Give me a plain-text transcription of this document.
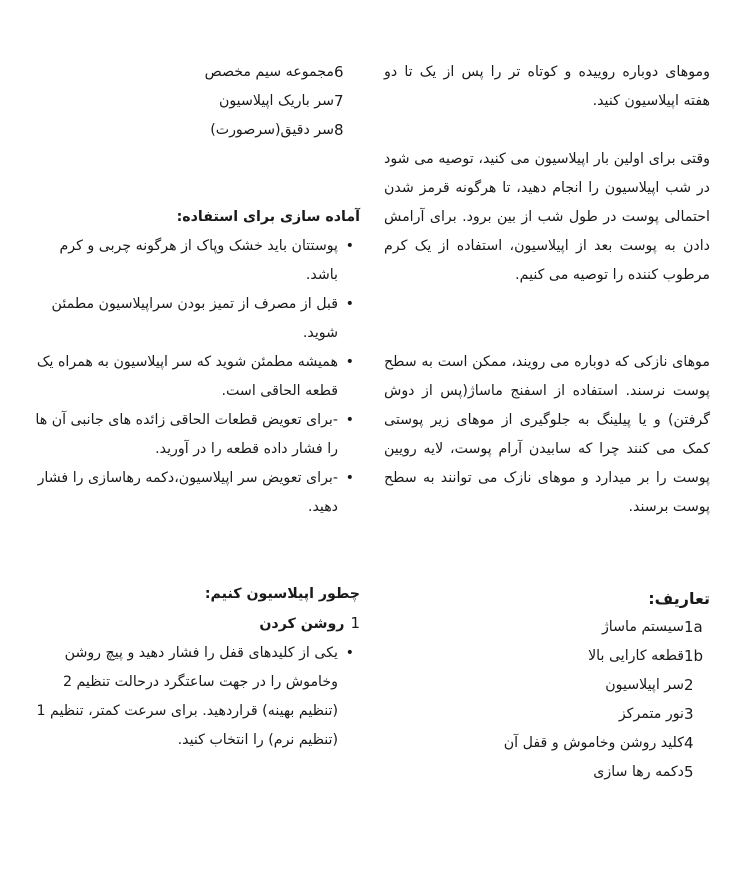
وموهای دوباره روییده و کوتاه تر را پس از یک تا دو هفته اپیلاسیون کنید.

وقتی برای اولین بار اپیلاسیون می کنید، توصیه می شود در شب اپیلاسیون را انجام دهید، تا هرگونه قرمز شدن احتمالی پوست در طول شب از بین برود. برای آرامش دادن به پوست بعد از اپیلاسیون، استفاده از یک کرم مرطوب کننده را توصیه می کنیم.

موهای نازکی که دوباره می رویند، ممکن است به سطح پوست نرسند. استفاده از اسفنج ماساژ(پس از دوش گرفتن) و یا پیلینگ به جلوگیری از موهای زیر پوستی کمک می کنند چرا که سابیدن آرام پوست، لایه رویین پوست را بر میدارد و موهای نازک می توانند به سطح پوست برسند.

تعاریف:
1a
سیستم ماساژ
1b
قطعه کارایی بالا
2
سر اپیلاسیون
3
نور متمرکز
4
کلید روشن وخاموش و قفل آن
5
دکمه رها سازی
6
مجموعه سیم مخصص
7
سر باریک اپیلاسیون
8
سر دقیق(سرصورت)
آماده سازی برای استفاده:
• پوستتان باید خشک وپاک از هرگونه چربی و کرم باشد.
• قبل از مصرف از تمیز بودن سراپیلاسیون مطمئن شوید.
• همیشه مطمئن شوید که سر اپیلاسیون به همراه یک قطعه الحاقی است.
• -برای تعویض قطعات الحاقی زائده های جانبی آن ها را فشار داده قطعه را در آورید.
• -برای تعویض سر اپیلاسیون،دکمه رهاسازی را فشار دهید.
چطور اپیلاسیون کنیم:
1روشن کردن
• یکی از کلیدهای قفل را فشار دهید و پیچ روشن وخاموش را در جهت ساعتگرد درحالت تنظیم 2 (تنظیم بهینه) قراردهید. برای سرعت کمتر، تنظیم 1 (تنظیم نرم) را انتخاب کنید.
